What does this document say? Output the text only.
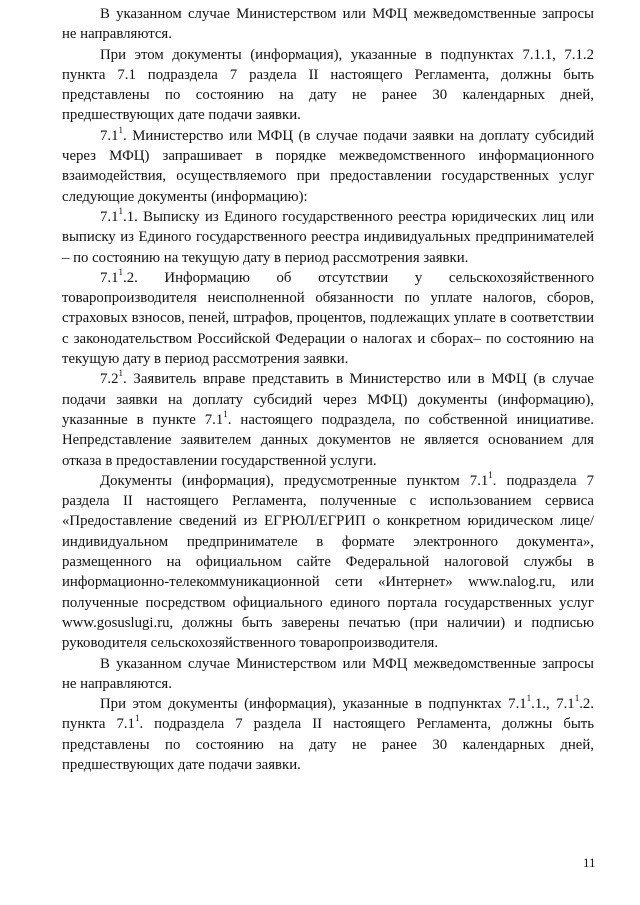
В указанном случае Министерством или МФЦ межведомственные запросы не направляются.

При этом документы (информация), указанные в подпунктах 7.1.1, 7.1.2 пункта 7.1 подраздела 7 раздела II настоящего Регламента, должны быть представлены по состоянию на дату не ранее 30 календарных дней, предшествующих дате подачи заявки.

$7.1^1$. Министерство или МФЦ (в случае подачи заявки на доплату субсидий через МФЦ) запрашивает в порядке межведомственного информационного взаимодействия, осуществляемого при предоставлении государственных услуг следующие документы (информацию):

$7.1^1.1$. Выписку из Единого государственного реестра юридических лиц или выписку из Единого государственного реестра индивидуальных предпринимателей – по состоянию на текущую дату в период рассмотрения заявки.

$7.1^1.2$. Информацию об отсутствии у сельскохозяйственного товаропроизводителя неисполненной обязанности по уплате налогов, сборов, страховых взносов, пеней, штрафов, процентов, подлежащих уплате в соответствии с законодательством Российской Федерации о налогах и сборах– по состоянию на текущую дату в период рассмотрения заявки.

$7.2^1$. Заявитель вправе представить в Министерство или в МФЦ (в случае подачи заявки на доплату субсидий через МФЦ) документы (информацию), указанные в пункте $7.1^1$. настоящего подраздела, по собственной инициативе. Непредставление заявителем данных документов не является основанием для отказа в предоставлении государственной услуги.

Документы (информация), предусмотренные пунктом $7.1^1$. подраздела 7 раздела II настоящего Регламента, полученные с использованием сервиса «Предоставление сведений из ЕГРЮЛ/ЕГРИП о конкретном юридическом лице/индивидуальном предпринимателе в формате электронного документа», размещенного на официальном сайте Федеральной налоговой службы в информационно-телекоммуникационной сети «Интернет» www.nalog.ru, или полученные посредством официального единого портала государственных услуг www.gosuslugi.ru, должны быть заверены печатью (при наличии) и подписью руководителя сельскохозяйственного товаропроизводителя.

В указанном случае Министерством или МФЦ межведомственные запросы не направляются.

При этом документы (информация), указанные в подпунктах $7.1^1.1$., $7.1^1.2$. пункта $7.1^1$. подраздела 7 раздела II настоящего Регламента, должны быть представлены по состоянию на дату не ранее 30 календарных дней, предшествующих дате подачи заявки.

11
